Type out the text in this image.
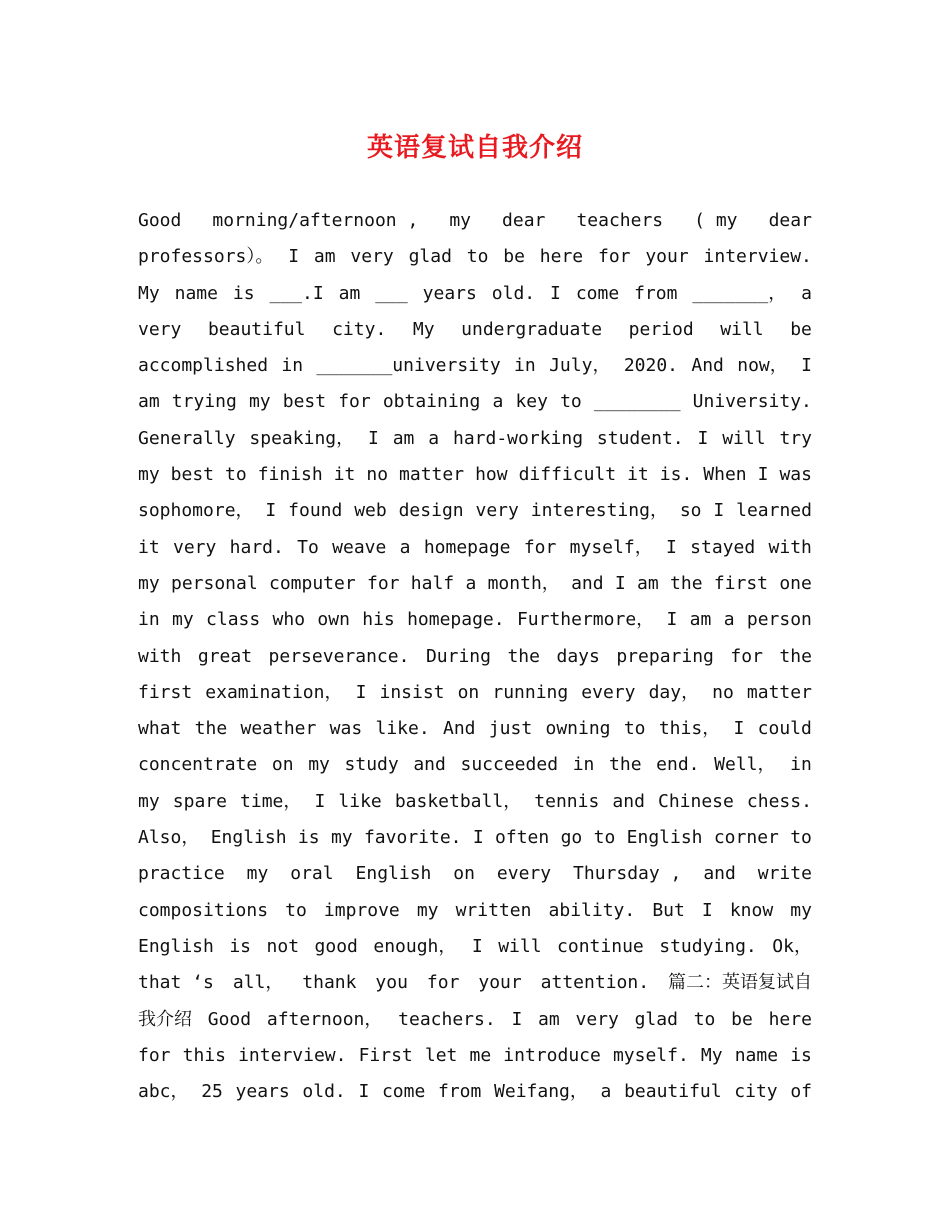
英语复试自我介绍
Good morning/afternoon , my dear teachers ( my dear
professors）。 I am very glad to be here for your interview.
My name is ___.I am ___ years old. I come from _______， a
very beautiful city. My undergraduate period will be
accomplished in _______university in July， 2020. And now， I
am trying my best for obtaining a key to ________ University.
Generally speaking， I am a hard-working student. I will try
my best to finish it no matter how difficult it is. When I was
sophomore， I found web design very interesting， so I learned
it very hard. To weave a homepage for myself， I stayed with
my personal computer for half a month， and I am the first one
in my class who own his homepage. Furthermore， I am a person
with great perseverance. During the days preparing for the
first examination， I insist on running every day， no matter
what the weather was like. And just owning to this， I could
concentrate on my study and succeeded in the end. Well， in
my spare time， I like basketball， tennis and Chinese chess.
Also， English is my favorite. I often go to English corner to
practice my oral English on every Thursday , and write
compositions to improve my written ability. But I know my
English is not good enough， I will continue studying. Ok，
that ‘s all， thank you for your attention. 篇二：英语复试自
我介绍 Good afternoon， teachers. I am very glad to be here
for this interview. First let me introduce myself. My name is
abc， 25 years old. I come from Weifang， a beautiful city of
